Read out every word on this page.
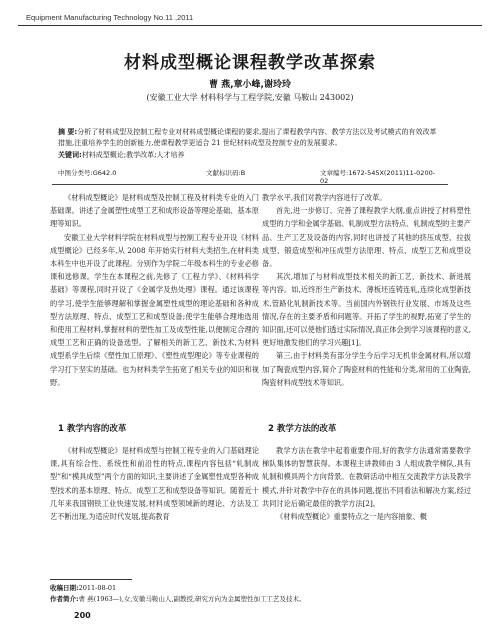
Equipment Manufacturing Technology No.11 ,2011
材料成型概论课程教学改革探索
曹 燕,章小峰,谢玲玲
(安徽工业大学 材料科学与工程学院,安徽 马鞍山 243002)
摘 要:分析了材料成型及控制工程专业对材料成型概论课程的要求,提出了课程教学内容、教学方法以及考试模式的有效改革措施,注重培养学生的创新能力,使课程教学更适合 21 世纪材料成型及控制专业的发展要求。
关键词:材料成型概论;教学改革;人才培养
中图分类号:G642.0	文献标识码:B	文章编号:1672-545X(2011)11-0200-02

《材料成型概论》是材料成型及控制工程及材料类专业的入门基础课。讲述了金属塑性成型工艺和成形设备等理论基础、基本原理等知识。

安徽工业大学材料学院在材料成型与控制工程专业开设《材料成型概论》已经多年,从 2008 年开始实行材料大类招生,在材料类本科生中也开设了此课程。分别作为学院二年级本科生的专业必修课和选修课。学生在本课程之前,先修了《工程力学》、《材料科学基础》等课程,同时开设了《金属学及热处理》课程。通过该课程的学习,使学生能够理解和掌握金属塑性成型的理论基础和各种成型方法原理、特点、成型工艺和成型设备;使学生能够合理地选用和使用工程材料,掌握材料的塑性加工及成型性能,以便制定合理的成型工艺和正确的设备选型。了解相关的新工艺、新技术,为材料成型系学生后续《塑性加工原理》、《塑性成型理论》等专业课程的学习打下坚实的基础。也为材料类学生拓宽了相关专业的知识和视野。

教学水平,我们对教学内容进行了改革。

首先,进一步修订、完善了课程教学大纲,重点讲授了材料塑性成型的力学和金属学基础、轧制成型方法特点、轧制成型的主要产品、生产工艺及设备的内容,同时也讲授了其他的挤压成型、拉拔成型、锻造成型和冲压成型方法原理、特点、成型工艺和成型设备。

其次,增加了与材料成型技术相关的新工艺、新技术、新进展等内容。如,近终形生产新技术、薄板坯连铸连轧,连续化成型新技术,管路化轧制新技术等。当前国内外钢铁行业发展、市场及这些情况,存在的主要矛盾和问题等。开拓了学生的视野,拓宽了学生的知识面,还可以使他们透过实际情况,真正体会到学习该课程的意义,更好地激发他们的学习兴趣[1]。

第三,由于材料类有部分学生今后学习无机非金属材料,所以增加了陶瓷成型内容,简介了陶瓷材料的性能和分类,常用的工业陶瓷,陶瓷材料成型技术等知识。

1 教学内容的改革	2 教学方法的改革

《材料成型概论》是材料成型与控制工程专业的入门基础理论课,具有综合性、系统性和前沿性的特点,课程内容包括“轧制成型”和“模具成型”两个方面的知识,主要讲述了金属塑性成型各种成型技术的基本原理、特点、成型工艺和成型设备等知识。随着近十几年来我国钢铁工业快速发展,材料成型领域新的理论、方法及工艺不断出现,为适应时代发展,提高教育

教学方法在教学中起着重要作用,好的教学方法通常需要教学梯队集体的智慧获得。本课程主讲教师由 3 人组成教学梯队,具有轧制和模具两个方向背景。在教研活动中相互交流教学方法及教学模式,并针对教学中存在的具体问题,提出不同看法和解决方案,经过共同讨论后确定最佳的教学方法[2]。

《材料成型概论》重要特点之一是内容抽象、概

收稿日期:2011-08-01
作者简介:曹 燕(1963—),女,安徽马鞍山人,副教授,研究方向为金属塑性加工工艺及技术。
200
